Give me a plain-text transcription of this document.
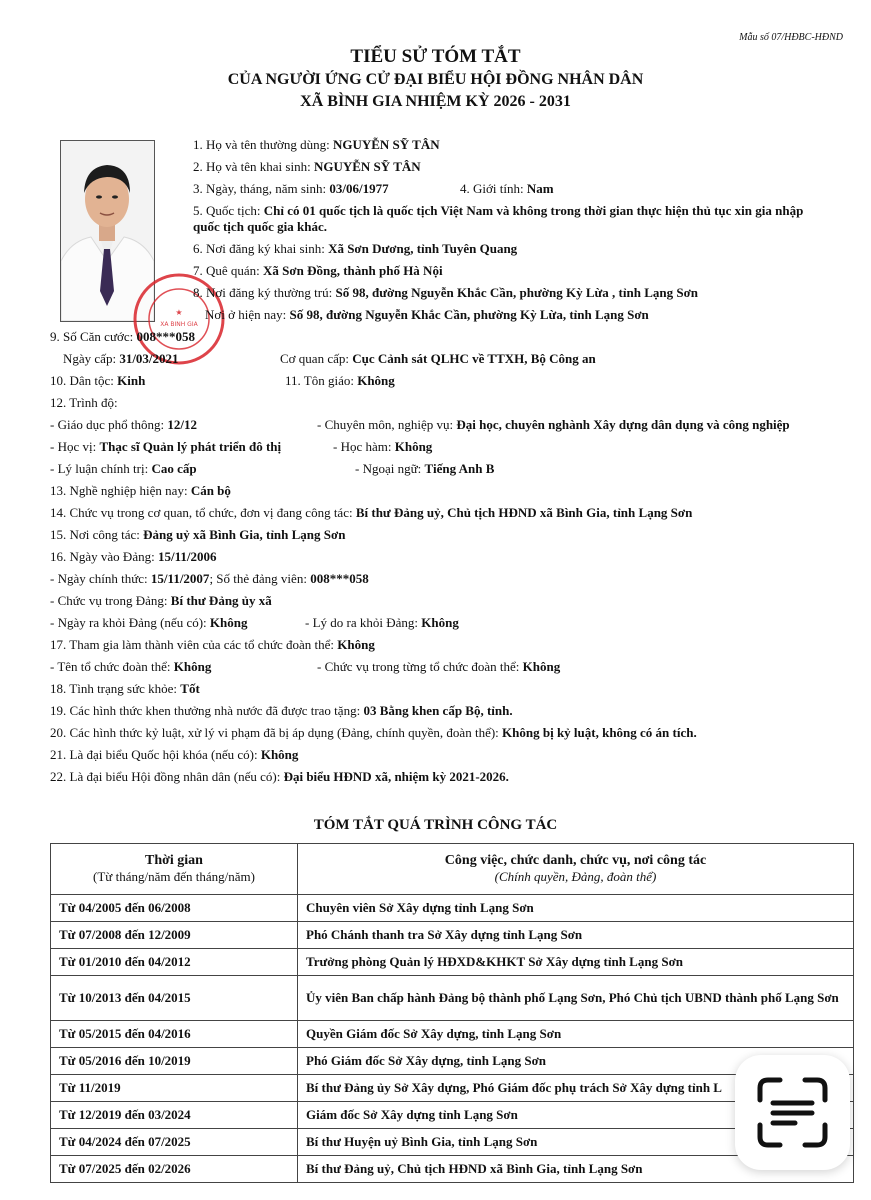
Mẫu số 07/HĐBC-HĐND
TIỂU SỬ TÓM TẮT
CỦA NGƯỜI ỨNG CỬ ĐẠI BIỂU HỘI ĐỒNG NHÂN DÂN
XÃ BÌNH GIA NHIỆM KỲ 2026 - 2031
★
XÃ BÌNH GIA
1. Họ và tên thường dùng: NGUYỄN SỸ TÂN
2. Họ và tên khai sinh: NGUYỄN SỸ TÂN
3. Ngày, tháng, năm sinh: 03/06/1977	4. Giới tính: Nam
5. Quốc tịch: Chỉ có 01 quốc tịch là quốc tịch Việt Nam và không trong thời gian thực hiện thủ tục xin gia nhập
quốc tịch quốc gia khác.
6. Nơi đăng ký khai sinh: Xã Sơn Dương, tỉnh Tuyên Quang
7. Quê quán: Xã Sơn Đồng, thành phố Hà Nội
8. Nơi đăng ký thường trú: Số 98, đường Nguyễn Khắc Cần, phường Kỳ Lừa , tỉnh Lạng Sơn
Nơi ở hiện nay: Số 98, đường Nguyễn Khắc Cần, phường Kỳ Lừa, tỉnh Lạng Sơn
9. Số Căn cước: 008***058
Ngày cấp: 31/03/2021	Cơ quan cấp: Cục Cảnh sát QLHC về TTXH, Bộ Công an
10. Dân tộc: Kinh	11. Tôn giáo: Không
12. Trình độ:
- Giáo dục phổ thông: 12/12	- Chuyên môn, nghiệp vụ: Đại học, chuyên nghành Xây dựng dân dụng và công nghiệp
- Học vị: Thạc sĩ Quản lý phát triển đô thị	- Học hàm: Không
- Lý luận chính trị: Cao cấp	- Ngoại ngữ: Tiếng Anh B
13. Nghề nghiệp hiện nay: Cán bộ
14. Chức vụ trong cơ quan, tổ chức, đơn vị đang công tác: Bí thư Đảng uỷ, Chủ tịch HĐND xã Bình Gia, tỉnh Lạng Sơn
15. Nơi công tác: Đảng uỷ xã Bình Gia, tỉnh Lạng Sơn
16. Ngày vào Đảng: 15/11/2006
- Ngày chính thức: 15/11/2007; Số thẻ đảng viên: 008***058
- Chức vụ trong Đảng: Bí thư Đảng ủy xã
- Ngày ra khỏi Đảng (nếu có): Không	- Lý do ra khỏi Đảng: Không
17. Tham gia làm thành viên của các tổ chức đoàn thể: Không
- Tên tổ chức đoàn thể: Không	- Chức vụ trong từng tổ chức đoàn thể: Không
18. Tình trạng sức khỏe: Tốt
19. Các hình thức khen thưởng nhà nước đã được trao tặng: 03 Bằng khen cấp Bộ, tỉnh.
20. Các hình thức kỷ luật, xử lý vi phạm đã bị áp dụng (Đảng, chính quyền, đoàn thể): Không bị kỷ luật, không có án tích.
21. Là đại biểu Quốc hội khóa (nếu có): Không
22. Là đại biểu Hội đồng nhân dân (nếu có): Đại biểu HĐND xã, nhiệm kỳ 2021-2026.
TÓM TẮT QUÁ TRÌNH CÔNG TÁC
Thời gian
(Từ tháng/năm đến tháng/năm)	Công việc, chức danh, chức vụ, nơi công tác
(Chính quyền, Đảng, đoàn thể)

Từ 04/2005 đến 06/2008	Chuyên viên Sở Xây dựng tỉnh Lạng Sơn
Từ 07/2008 đến 12/2009	Phó Chánh thanh tra Sở Xây dựng tỉnh Lạng Sơn
Từ 01/2010 đến 04/2012	Trưởng phòng Quản lý HĐXD&KHKT Sở Xây dựng tỉnh Lạng Sơn
Từ 10/2013 đến 04/2015	Ủy viên Ban chấp hành Đảng bộ thành phố Lạng Sơn, Phó Chủ tịch UBND thành phố Lạng Sơn
Từ 05/2015 đến 04/2016	Quyền Giám đốc Sở Xây dựng, tỉnh Lạng Sơn
Từ 05/2016 đến 10/2019	Phó Giám đốc Sở Xây dựng, tỉnh Lạng Sơn
Từ 11/2019	Bí thư Đảng ủy Sở Xây dựng, Phó Giám đốc phụ trách Sở Xây dựng tỉnh L
Từ 12/2019 đến 03/2024	Giám đốc Sở Xây dựng tỉnh Lạng Sơn
Từ 04/2024 đến 07/2025	Bí thư Huyện uỷ Bình Gia, tỉnh Lạng Sơn
Từ 07/2025 đến 02/2026	Bí thư Đảng uỷ, Chủ tịch HĐND xã Bình Gia, tỉnh Lạng Sơn
